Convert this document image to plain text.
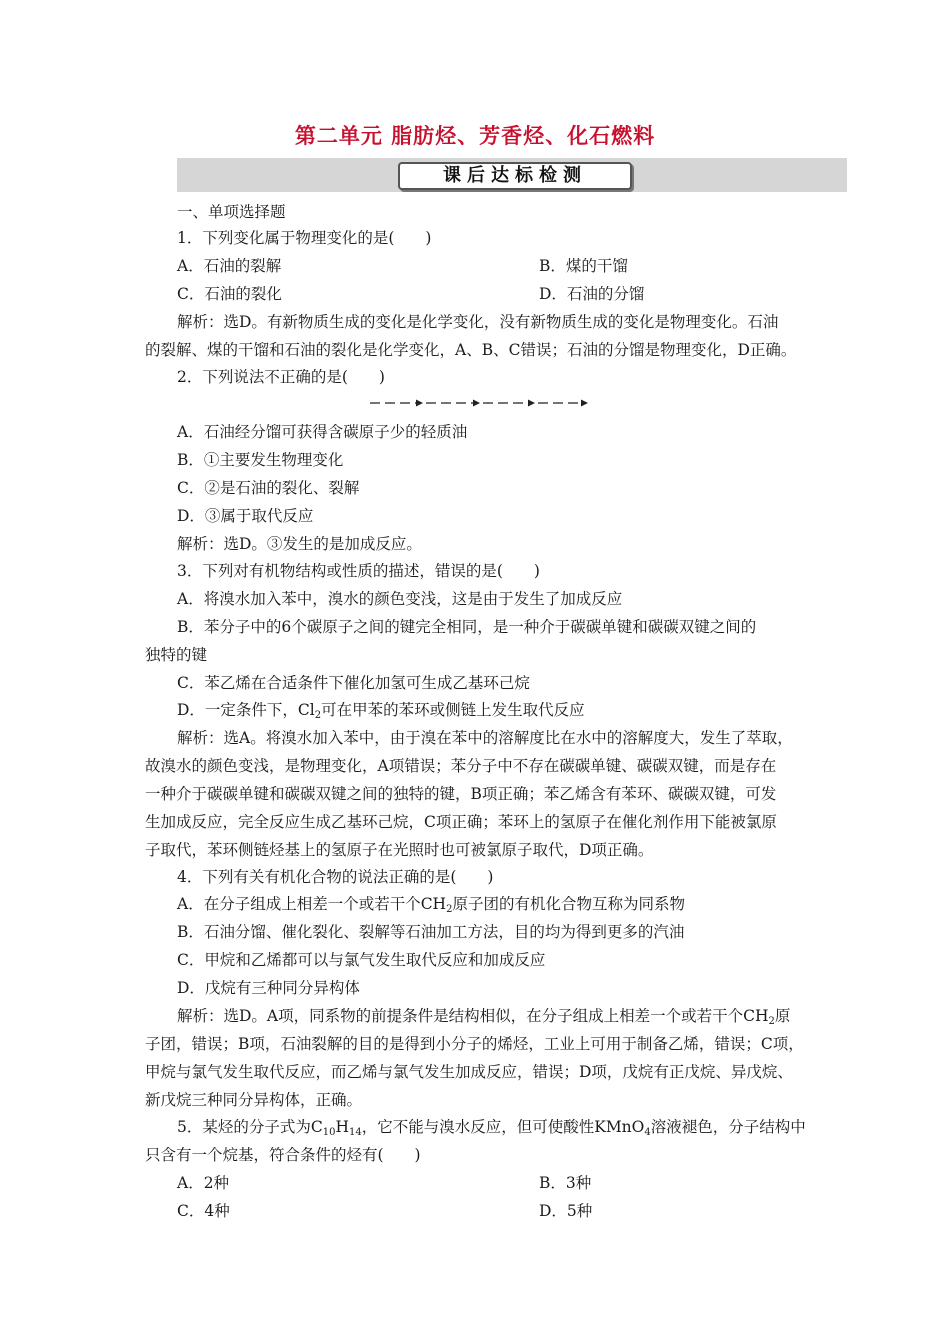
第二单元 脂肪烃、芳香烃、化石燃料
课后达标检测
一、单项选择题
1．下列变化属于物理变化的是(　　)
A．石油的裂解	B．煤的干馏
C．石油的裂化	D．石油的分馏
解析：选D。有新物质生成的变化是化学变化，没有新物质生成的变化是物理变化。石油
的裂解、煤的干馏和石油的裂化是化学变化，A、B、C错误；石油的分馏是物理变化，D正确。
2．下列说法不正确的是(　　)
A．石油经分馏可获得含碳原子少的轻质油
B．①主要发生物理变化
C．②是石油的裂化、裂解
D．③属于取代反应
解析：选D。③发生的是加成反应。
3．下列对有机物结构或性质的描述，错误的是(　　)
A．将溴水加入苯中，溴水的颜色变浅，这是由于发生了加成反应
B．苯分子中的6个碳原子之间的键完全相同，是一种介于碳碳单键和碳碳双键之间的
独特的键
C．苯乙烯在合适条件下催化加氢可生成乙基环己烷
D．一定条件下，$Cl_2$可在甲苯的苯环或侧链上发生取代反应
解析：选A。将溴水加入苯中，由于溴在苯中的溶解度比在水中的溶解度大，发生了萃取，
故溴水的颜色变浅，是物理变化，A项错误；苯分子中不存在碳碳单键、碳碳双键，而是存在
一种介于碳碳单键和碳碳双键之间的独特的键，B项正确；苯乙烯含有苯环、碳碳双键，可发
生加成反应，完全反应生成乙基环己烷，C项正确；苯环上的氢原子在催化剂作用下能被氯原
子取代，苯环侧链烃基上的氢原子在光照时也可被氯原子取代，D项正确。
4．下列有关有机化合物的说法正确的是(　　)
A．在分子组成上相差一个或若干个$CH_2$原子团的有机化合物互称为同系物
B．石油分馏、催化裂化、裂解等石油加工方法，目的均为得到更多的汽油
C．甲烷和乙烯都可以与氯气发生取代反应和加成反应
D．戊烷有三种同分异构体
解析：选D。A项，同系物的前提条件是结构相似，在分子组成上相差一个或若干个$CH_2$原
子团，错误；B项，石油裂解的目的是得到小分子的烯烃，工业上可用于制备乙烯，错误；C项，
甲烷与氯气发生取代反应，而乙烯与氯气发生加成反应，错误；D项，戊烷有正戊烷、异戊烷、
新戊烷三种同分异构体，正确。
5．某烃的分子式为$C_{10}H_{14}$，它不能与溴水反应，但可使酸性KMnO$_4$溶液褪色，分子结构中
只含有一个烷基，符合条件的烃有(　　)
A．2种	B．3种
C．4种	D．5种
